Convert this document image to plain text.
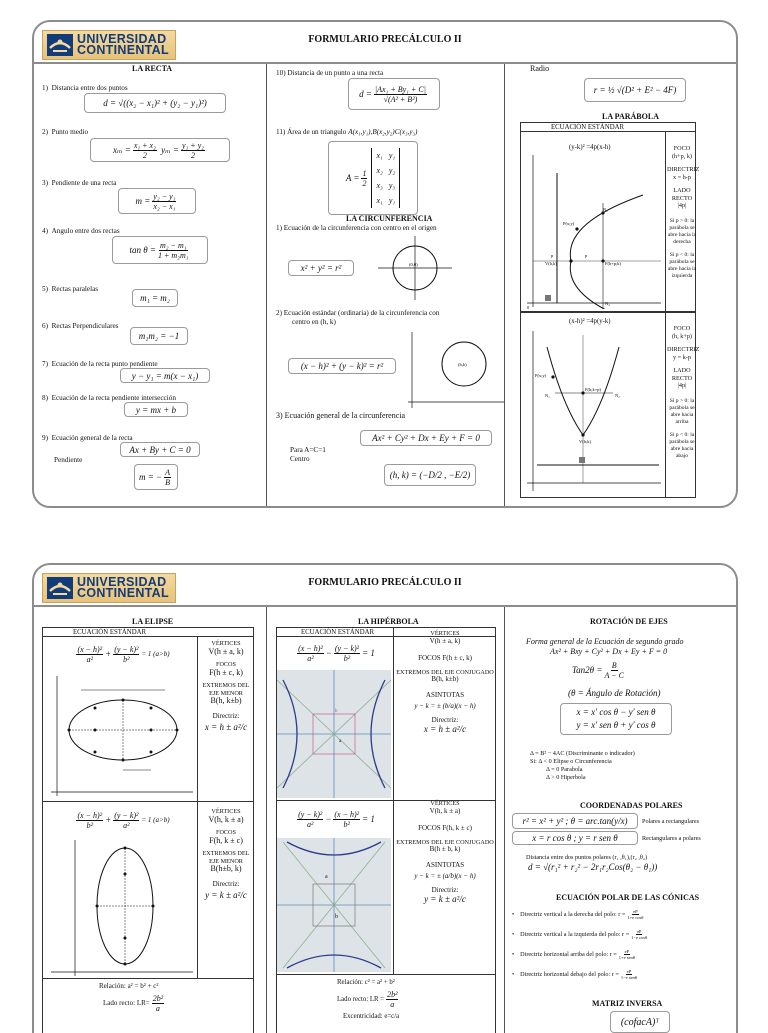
UNIVERSIDAD
CONTINENTAL
FORMULARIO PRECÁLCULO II
LA RECTA
1) Distancia entre dos puntos
d = √((x₂ − x₁)² + (y₂ − y₁)²)
2) Punto medio
$x_m = \frac{\text{x₁ + x₂}}{2}$
$y_m = \frac{\text{y₁ + y₂}}{2}$
3) Pendiente de una recta
$m = \frac{\text{y₂ − y₁}}{\text{x₂ − x₁}}$
4) Angulo entre dos rectas
$\tan \theta = \frac{\text{m₂ − m₁}}{\text{1 + m₂m₁}}$
5) Rectas paralelas
m₁ = m₂
6) Rectas Perpendiculares
m₁m₂ = −1
7) Ecuación de la recta punto pendiente
y − y₁ = m(x − x₁)
8) Ecuación de la recta pendiente intersección
y = mx + b
9) Ecuación general de la recta
Ax + By + C = 0
Pendiente
m = − $\frac{A}{B}$
10) Distancia de un punto a una recta
$d = \frac{\text{|Ax₁ + By₁ + C|}}{\text{√(A² + B²)}}$
11) Área de un triangulo A(x₁,y₁),B(x₂,y₂)C(x₃,y₃)
$A = \frac{1}{2}$
x₁ y₁
x₂ y₂
x₃ y₃
x₁ y₁
LA CIRCUNFERENCIA
1) Ecuación de la circunferencia con centro en el origen
x² + y² = r²	(0,0)
2) Ecuación estándar (ordinaria) de la circunferencia con
centro en (h, k)
(x − h)² + (y − k)² = r²	(h,k)
3) Ecuación general de la circunferencia
Ax² + Cy² + Dx + Ey + F = 0
Para A=C=1
Centro
(h, k) = (−D/2 , −E/2)
Radio
r = ½ √(D² + E² − 4F)
LA PARÁBOLA
ECUACIÓN ESTÁNDAR
(y-k)² =4p(x-h)
P(x;y)
N₁
V(h,k)	F(h+p;k)
N₂
p	p
0
FOCO
(h+p, k)
DIRECTRIZ
x = h-p
LADO RECTO
|4p|
Si p > 0: la parábola se abre hacia la derecha
Si p < 0: la parábola se abre hacia la izquierda
(x-h)² =4p(y-k)
P(x;y)
N₁
F(h;k+p)
N₂
V(h;k)
FOCO
(h, k+p)
DIRECTRIZ
y = k-p
LADO RECTO
|4p|
Si p > 0: la parábola se abre hacia arriba
Si p < 0: la parábola se abre hacia abajo
UNIVERSIDAD
CONTINENTAL
FORMULARIO PRECÁLCULO II
LA ELIPSE
ECUACIÓN ESTÁNDAR
$\frac{\text{(x − h)²}}{\text{a²}} + \frac{\text{(y − k)²}}{\text{b²}} = 1$ (a>b)
VÉRTICES
V(h ± a, k)
FOCOS
F(h ± c, k)
EXTREMOS DEL EJE MENOR
B(h, k±b)
Directriz:
x = h ± a²/c
$\frac{\text{(x − h)²}}{\text{b²}} + \frac{\text{(y − k)²}}{\text{a²}} = 1$ (a>b)
VÉRTICES
V(h, k ± a)
FOCOS
F(h, k ± c)
EXTREMOS DEL EJE MENOR
B(h±b, k)
Directriz:
y = k ± a²/c
Relación: a² = b² + c²
Lado recto: $LR= \frac{\text{2b²}}{a}$
LA HIPÉRBOLA
ECUACIÓN ESTÁNDAR
$\frac{\text{(x − h)²}}{\text{a²}} - \frac{\text{(y − k)²}}{\text{b²}} = 1$
b
a
VÉRTICES
V(h ± a, k)
FOCOS F(h ± c, k)
EXTREMOS DEL EJE CONJUGADO
B(h, k±b)
ASINTOTAS
y − k = ± (b/a)(x − h)
Directriz:
x = h ± a²/c
$\frac{\text{(y − k)²}}{\text{a²}} - \frac{\text{(x − h)²}}{\text{b²}} = 1$
a
b
VÉRTICES
V(h, k ± a)
FOCOS F(h, k ± c)
EXTREMOS DEL EJE CONJUGADO
B(h ± b, k)
ASINTOTAS
y − k = ± (a/b)(x − h)
Directriz:
y = k ± a²/c
Relación: c² = a² + b²
Lado recto: LR = $\frac{\text{2b²}}{a}$
Excentricidad: e=c/a
ROTACIÓN DE EJES
Forma general de la Ecuación de segundo grado
Ax² + Bxy + Cy² + Dx + Ey + F = 0
$Tan2\theta = \frac{B}{A - C}$
(θ = Ángulo de Rotación)
x = x′ cos θ − y′ sen θ
y = x′ sen θ + y′ cos θ
Δ = B² − 4AC (Discriminante o indicador)
Si: Δ < 0 Elipse o Circunferencia
Δ = 0 Parabola
Δ > 0 Hiperbola
COORDENADAS POLARES
r² = x² + y² ; θ = arc.tan(y/x)	Polares a rectangulares
x = r cos θ ; y = r sen θ	Rectangulares a polares
Distancia entre dos puntos polares (r₁ ,θ₁),(r₂ ,θ₂)
d = √(r₁² + r₂² − 2r₁r₂Cos(θ₂ − θ₁))
ECUACIÓN POLAR DE LAS CÓNICAS
MATRIZ INVERSA
(cofacA)ᵀ
• Directriz vertical a la derecha del polo: $r = \frac{eP}{\text{1+e cosθ}}$
• Directriz vertical a la izquierda del polo: $r = \frac{eP}{\text{1−e cosθ}}$
• Directriz horizontal arriba del polo: $r = \frac{eP}{\text{1+e senθ}}$
• Directriz horizontal debajo del polo: $r = \frac{eP}{\text{1−e senθ}}$
